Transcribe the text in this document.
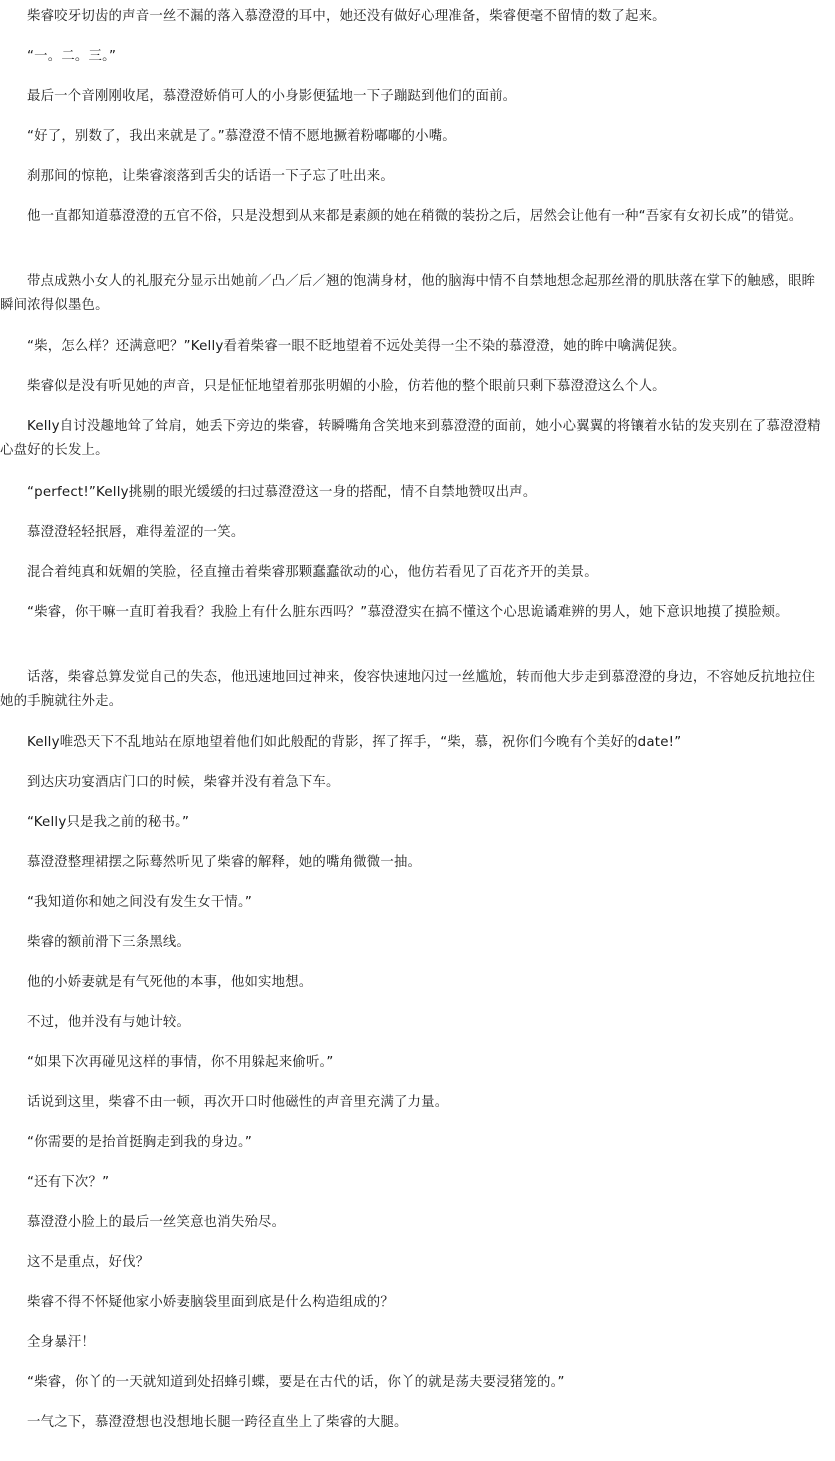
柴睿咬牙切齿的声音一丝不漏的落入慕澄澄的耳中，她还没有做好心理准备，柴睿便毫不留情的数了起来。

“一。二。三。”

最后一个音刚刚收尾，慕澄澄娇俏可人的小身影便猛地一下子蹦跶到他们的面前。

“好了，别数了，我出来就是了。”慕澄澄不情不愿地撅着粉嘟嘟的小嘴。

刹那间的惊艳，让柴睿滚落到舌尖的话语一下子忘了吐出来。

他一直都知道慕澄澄的五官不俗，只是没想到从来都是素颜的她在稍微的装扮之后，居然会让他有一种“吾家有女初长成”的错觉。

带点成熟小女人的礼服充分显示出她前／凸／后／翘的饱满身材，他的脑海中情不自禁地想念起那丝滑的肌肤落在掌下的触感，眼眸瞬间浓得似墨色。

“柴，怎么样？还满意吧？”Kelly看着柴睿一眼不眨地望着不远处美得一尘不染的慕澄澄，她的眸中噙满促狭。

柴睿似是没有听见她的声音，只是怔怔地望着那张明媚的小脸，仿若他的整个眼前只剩下慕澄澄这么个人。

Kelly自讨没趣地耸了耸肩，她丢下旁边的柴睿，转瞬嘴角含笑地来到慕澄澄的面前，她小心翼翼的将镶着水钻的发夹别在了慕澄澄精心盘好的长发上。

“perfect!”Kelly挑剔的眼光缓缓的扫过慕澄澄这一身的搭配，情不自禁地赞叹出声。

慕澄澄轻轻抿唇，难得羞涩的一笑。

混合着纯真和妩媚的笑脸，径直撞击着柴睿那颗蠢蠢欲动的心，他仿若看见了百花齐开的美景。

“柴睿，你干嘛一直盯着我看？我脸上有什么脏东西吗？”慕澄澄实在搞不懂这个心思诡谲难辨的男人，她下意识地摸了摸脸颊。

话落，柴睿总算发觉自己的失态，他迅速地回过神来，俊容快速地闪过一丝尴尬，转而他大步走到慕澄澄的身边，不容她反抗地拉住她的手腕就往外走。

Kelly唯恐天下不乱地站在原地望着他们如此般配的背影，挥了挥手，“柴，慕，祝你们今晚有个美好的date!”

到达庆功宴酒店门口的时候，柴睿并没有着急下车。

“Kelly只是我之前的秘书。”

慕澄澄整理裙摆之际蓦然听见了柴睿的解释，她的嘴角微微一抽。

“我知道你和她之间没有发生女干情。”

柴睿的额前滑下三条黑线。

他的小娇妻就是有气死他的本事，他如实地想。

不过，他并没有与她计较。

“如果下次再碰见这样的事情，你不用躲起来偷听。”

话说到这里，柴睿不由一顿，再次开口时他磁性的声音里充满了力量。

“你需要的是抬首挺胸走到我的身边。”

“还有下次？”

慕澄澄小脸上的最后一丝笑意也消失殆尽。

这不是重点，好伐？

柴睿不得不怀疑他家小娇妻脑袋里面到底是什么构造组成的？

全身暴汗！

“柴睿，你丫的一天就知道到处招蜂引蝶，要是在古代的话，你丫的就是荡夫要浸猪笼的。”

一气之下，慕澄澄想也没想地长腿一跨径直坐上了柴睿的大腿。
